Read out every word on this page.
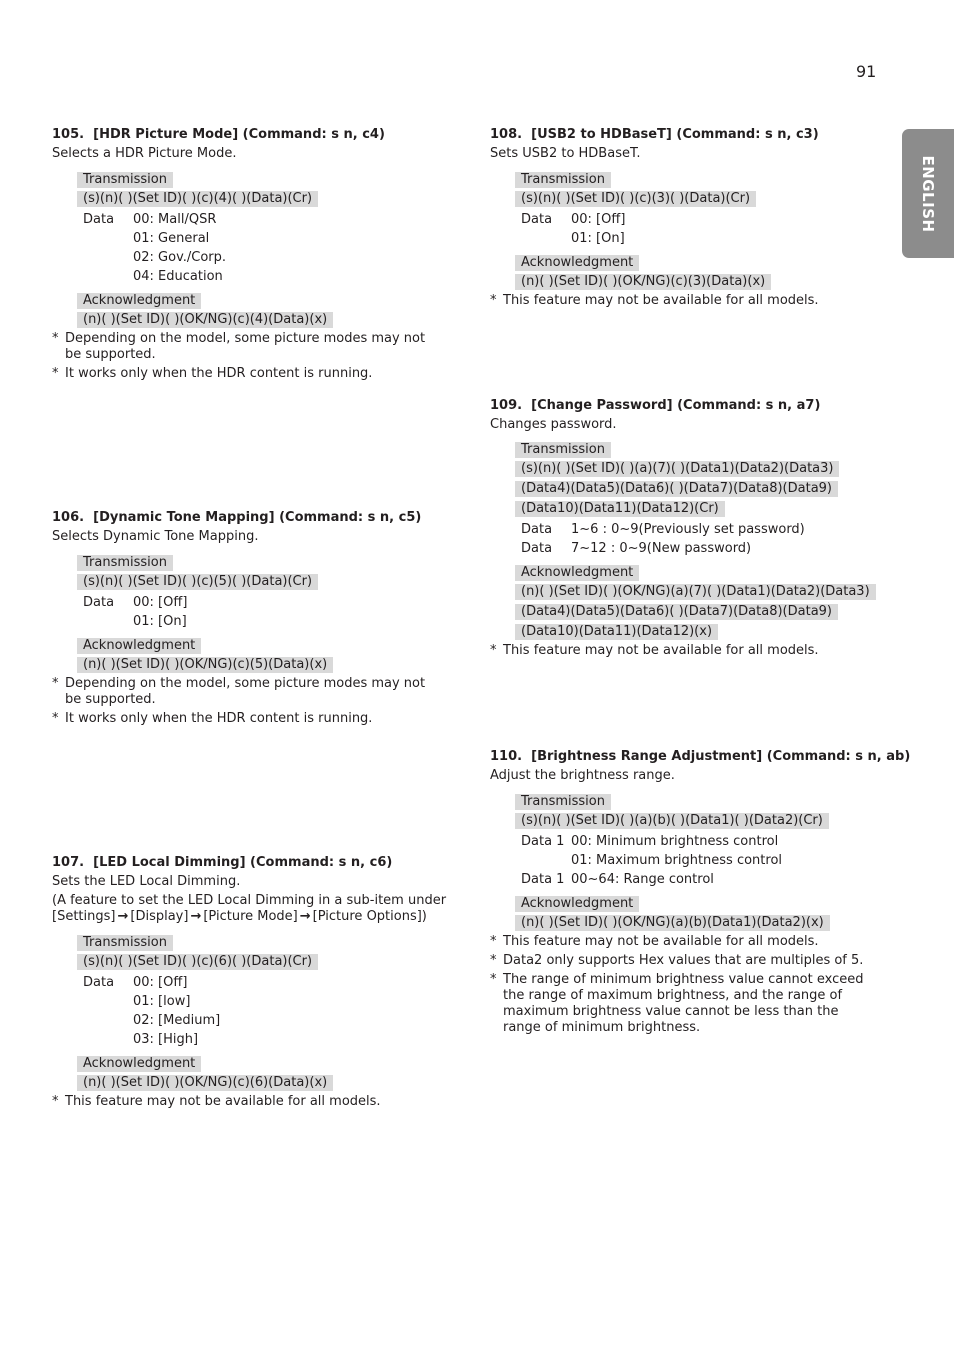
91
ENGLISH
105. [HDR Picture Mode] (Command: s n, c4)
Selects a HDR Picture Mode.
Transmission
(s)(n)( )(Set ID)( )(c)(4)( )(Data)(Cr)
Data	00: Mall/QSR
	01: General
	02: Gov./Corp.
	04: Education
Acknowledgment
(n)( )(Set ID)( )(OK/NG)(c)(4)(Data)(x)
* Depending on the model, some picture modes may not be supported.
* It works only when the HDR content is running.
106. [Dynamic Tone Mapping] (Command: s n, c5)
Selects Dynamic Tone Mapping.
Transmission
(s)(n)( )(Set ID)( )(c)(5)( )(Data)(Cr)
Data	00: [Off]
	01: [On]
Acknowledgment
(n)( )(Set ID)( )(OK/NG)(c)(5)(Data)(x)
* Depending on the model, some picture modes may not be supported.
* It works only when the HDR content is running.
107. [LED Local Dimming] (Command: s n, c6)
Sets the LED Local Dimming.
(A feature to set the LED Local Dimming in a sub-item under
[Settings] → [Display] → [Picture Mode] → [Picture Options])
Transmission
(s)(n)( )(Set ID)( )(c)(6)( )(Data)(Cr)
Data	00: [Off]
	01: [low]
	02: [Medium]
	03: [High]
Acknowledgment
(n)( )(Set ID)( )(OK/NG)(c)(6)(Data)(x)
* This feature may not be available for all models.
108. [USB2 to HDBaseT] (Command: s n, c3)
Sets USB2 to HDBaseT.
Transmission
(s)(n)( )(Set ID)( )(c)(3)( )(Data)(Cr)
Data	00: [Off]
	01: [On]
Acknowledgment
(n)( )(Set ID)( )(OK/NG)(c)(3)(Data)(x)
* This feature may not be available for all models.
109. [Change Password] (Command: s n, a7)
Changes password.
Transmission
(s)(n)( )(Set ID)( )(a)(7)( )(Data1)(Data2)(Data3)
(Data4)(Data5)(Data6)( )(Data7)(Data8)(Data9)
(Data10)(Data11)(Data12)(Cr)
Data	1~6 : 0~9(Previously set password)
Data	7~12 : 0~9(New password)
Acknowledgment
(n)( )(Set ID)( )(OK/NG)(a)(7)( )(Data1)(Data2)(Data3)
(Data4)(Data5)(Data6)( )(Data7)(Data8)(Data9)
(Data10)(Data11)(Data12)(x)
* This feature may not be available for all models.
110. [Brightness Range Adjustment] (Command: s n, ab)
Adjust the brightness range.
Transmission
(s)(n)( )(Set ID)( )(a)(b)( )(Data1)( )(Data2)(Cr)
Data 1	00: Minimum brightness control
	01: Maximum brightness control
Data 1	00~64: Range control
Acknowledgment
(n)( )(Set ID)( )(OK/NG)(a)(b)(Data1)(Data2)(x)
* This feature may not be available for all models.
* Data2 only supports Hex values that are multiples of 5.
* The range of minimum brightness value cannot exceed the range of maximum brightness, and the range of maximum brightness value cannot be less than the range of minimum brightness.
